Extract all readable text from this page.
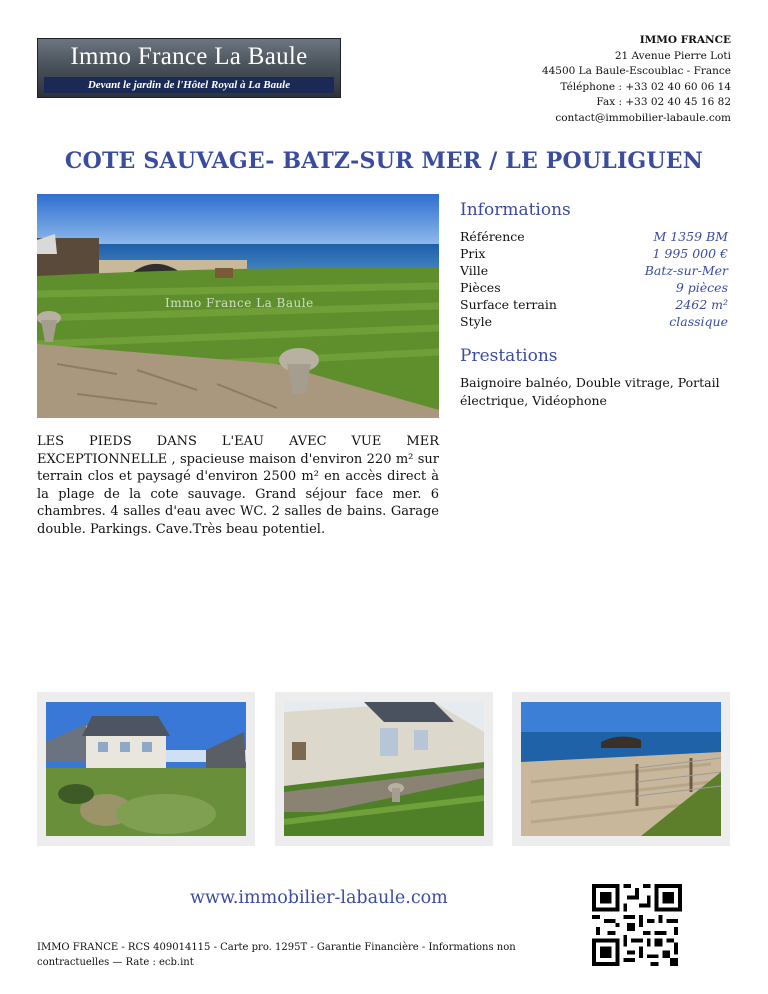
Immo France La Baule
Devant le jardin de l'Hôtel Royal à La Baule
IMMO FRANCE
21 Avenue Pierre Loti
44500 La Baule-Escoublac - France
Téléphone : +33 02 40 60 06 14
Fax : +33 02 40 45 16 82
contact@immobilier-labaule.com
COTE SAUVAGE- BATZ-SUR MER / LE POULIGUEN
Immo France La Baule
Informations
Référence	M 1359 BM
Prix	1 995 000 €
Ville	Batz-sur-Mer
Pièces	9 pièces
Surface terrain	2462 m²
Style	classique
Prestations
Baignoire balnéo, Double vitrage, Portail électrique, Vidéophone
LES PIEDS DANS L'EAU AVEC VUE MER EXCEPTIONNELLE , spacieuse maison d'environ 220 m² sur terrain clos et paysagé d'environ 2500 m² en accès direct à la plage de la cote sauvage. Grand séjour face mer. 6 chambres. 4 salles d'eau avec WC. 2 salles de bains. Garage double. Parkings. Cave.Très beau potentiel.
www.immobilier-labaule.com
IMMO FRANCE - RCS 409014115 - Carte pro. 1295T - Garantie Financière - Informations non contractuelles — Rate : ecb.int
